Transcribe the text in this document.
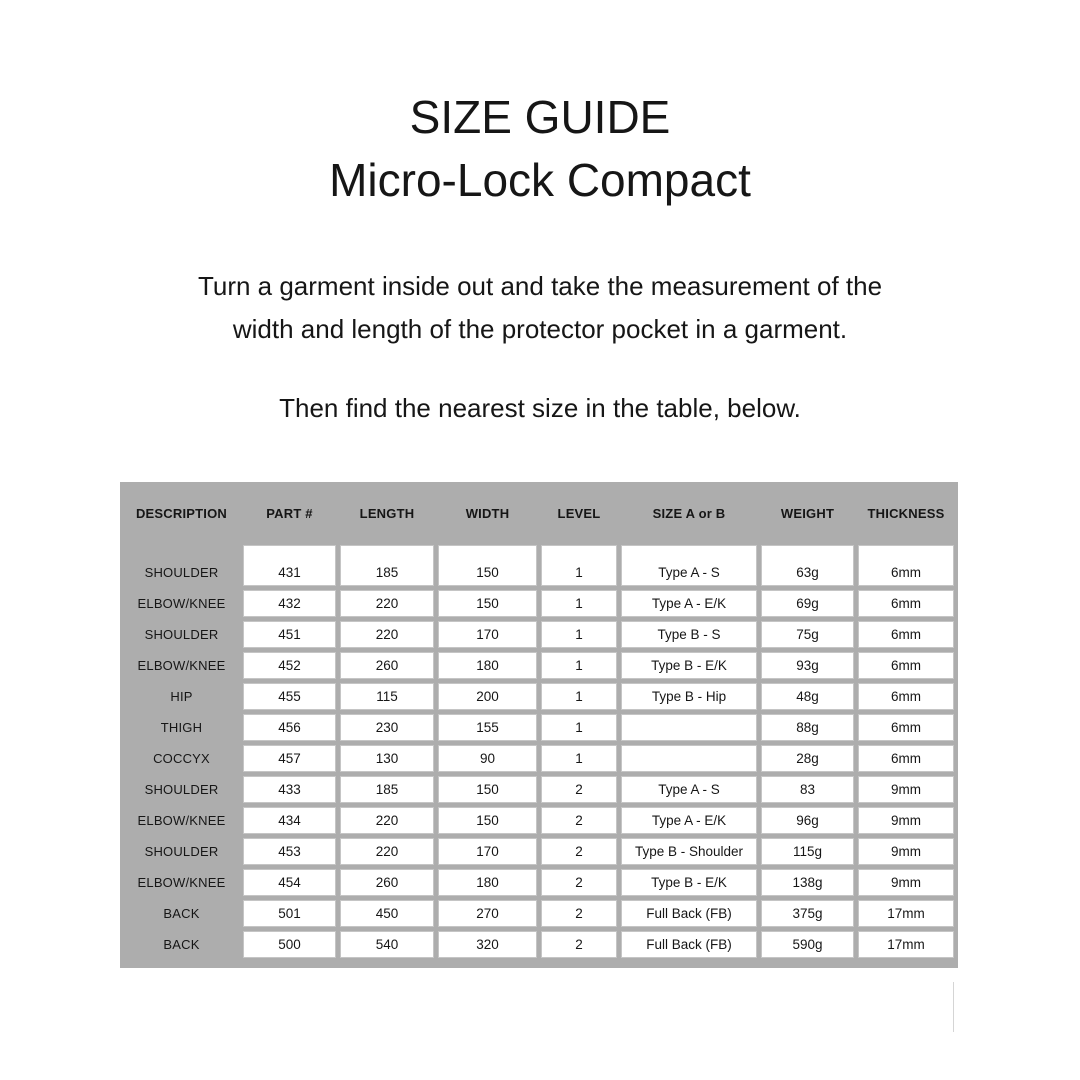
SIZE GUIDE
Micro-Lock Compact
Turn a garment inside out and take the measurement of the
width and length of the protector pocket in a garment.
Then find the nearest size in the table, below.
DESCRIPTION	PART #	LENGTH	WIDTH	LEVEL	SIZE A or B	WEIGHT	THICKNESS
SHOULDER	431	185	150	1	Type A - S	63g	6mm
ELBOW/KNEE	432	220	150	1	Type A - E/K	69g	6mm
SHOULDER	451	220	170	1	Type B - S	75g	6mm
ELBOW/KNEE	452	260	180	1	Type B - E/K	93g	6mm
HIP	455	115	200	1	Type B - Hip	48g	6mm
THIGH	456	230	155	1		88g	6mm
COCCYX	457	130	90	1		28g	6mm
SHOULDER	433	185	150	2	Type A - S	83	9mm
ELBOW/KNEE	434	220	150	2	Type A - E/K	96g	9mm
SHOULDER	453	220	170	2	Type B - Shoulder	115g	9mm
ELBOW/KNEE	454	260	180	2	Type B - E/K	138g	9mm
BACK	501	450	270	2	Full Back (FB)	375g	17mm
BACK	500	540	320	2	Full Back (FB)	590g	17mm
